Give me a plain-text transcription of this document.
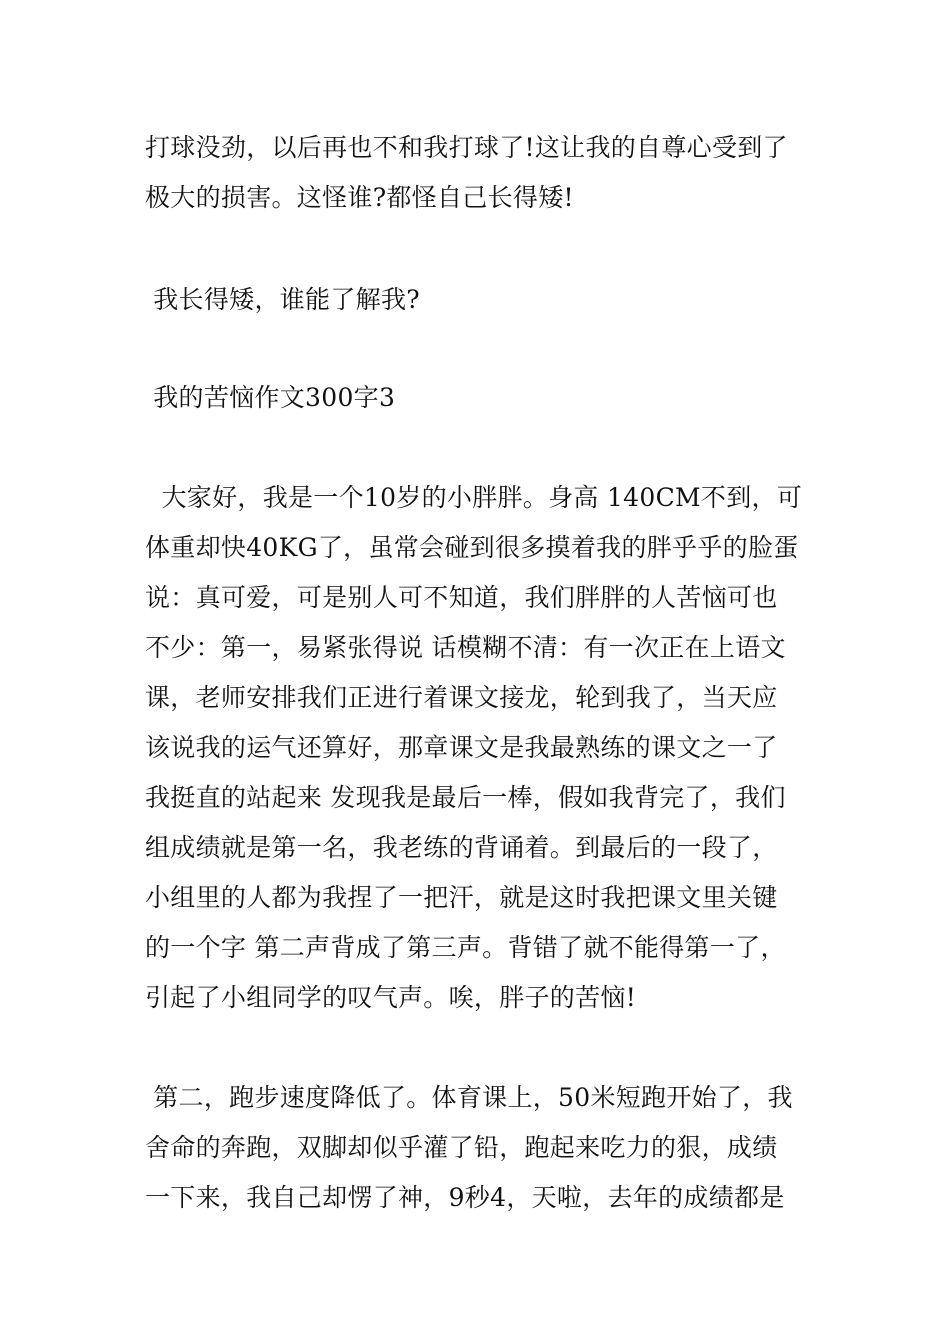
打球没劲，以后再也不和我打球了!这让我的自尊心受到了
极大的损害。这怪谁?都怪自己长得矮!
我长得矮，谁能了解我?
我的苦恼作文300字3
大家好，我是一个10岁的小胖胖。身高 140CM不到，可
体重却快40KG了，虽常会碰到很多摸着我的胖乎乎的脸蛋
说：真可爱，可是别人可不知道，我们胖胖的人苦恼可也
不少：第一，易紧张得说 话模糊不清：有一次正在上语文
课，老师安排我们正进行着课文接龙，轮到我了，当天应
该说我的运气还算好，那章课文是我最熟练的课文之一了
我挺直的站起来 发现我是最后一棒，假如我背完了，我们
组成绩就是第一名，我老练的背诵着。到最后的一段了，
小组里的人都为我捏了一把汗，就是这时我把课文里关键
的一个字 第二声背成了第三声。背错了就不能得第一了，
引起了小组同学的叹气声。唉，胖子的苦恼!
第二，跑步速度降低了。体育课上，50米短跑开始了，我
舍命的奔跑，双脚却似乎灌了铅，跑起来吃力的狠，成绩
一下来，我自己却愣了神，9秒4，天啦，去年的成绩都是
